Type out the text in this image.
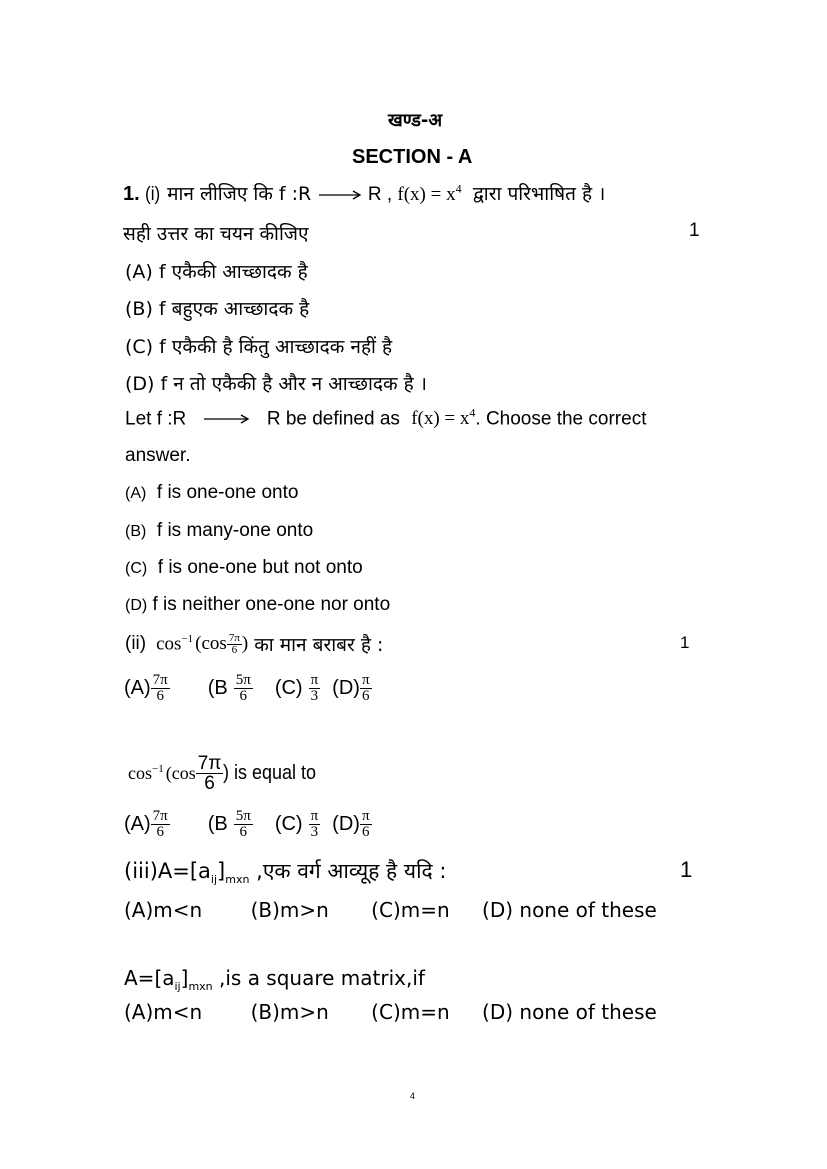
खण्ड-अ
SECTION - A
1. (i) मान लीजिए कि f :R	R , $f(x) = x^4$ द्वारा परिभाषित है ।
सही उत्तर का चयन कीजिए	1
(A) f एकैकी आच्छादक है
(B) f बहुएक आच्छादक है
(C) f एकैकी है किंतु आच्छादक नहीं है
(D) f न तो एकैकी है और न आच्छादक है ।
Let f :R	R be defined as $f(x) = x^4$. Choose the correct
answer.
(A) f is one-one onto
(B) f is many-one onto
(C) f is one-one but not onto
(D) f is neither one-one nor onto
(ii) $\cos^{-1} (\cos \frac{7\pi}{6}$ ) का मान बराबर है :	1
$(A) \frac{7\pi}{6} (B \frac{5\pi}{6} (C) \frac{\pi}{3} (D) \frac{\pi}{6}$
$\cos^{-1} (\cos \frac{7\pi}{6}$ ) is equal to
$(A) \frac{7\pi}{6} (B \frac{5\pi}{6} (C) \frac{\pi}{3} (D) \frac{\pi}{6}$
$(iii)A=[a_{ij}]_{mxn}$ ,एक वर्ग आव्यूह है यदि :	1
(A)m<n (B)m>n (C)m=n (D) none of these
$A=[a_{ij}]_{mxn}$ ,is a square matrix,if
(A)m<n (B)m>n (C)m=n (D) none of these
4
